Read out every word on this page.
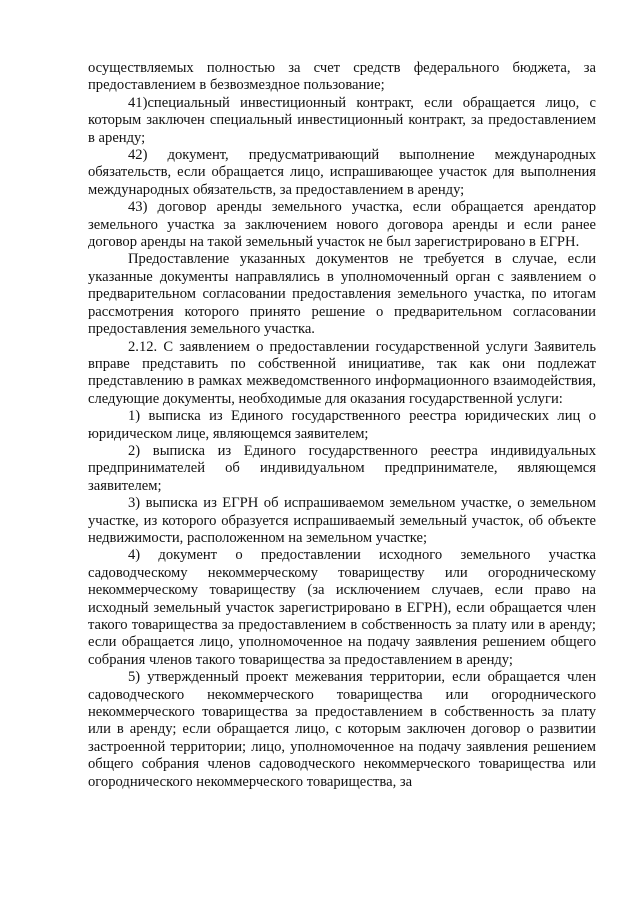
осуществляемых полностью за счет средств федерального бюджета, за предоставлением в безвозмездное пользование;

41)специальный инвестиционный контракт, если обращается лицо, с которым заключен специальный инвестиционный контракт, за предоставлением в аренду;

42) документ, предусматривающий выполнение международных обязательств, если обращается лицо, испрашивающее участок для выполнения международных обязательств, за предоставлением в аренду;

43) договор аренды земельного участка, если обращается арендатор земельного участка за заключением нового договора аренды и если ранее договор аренды на такой земельный участок не был зарегистрировано в ЕГРН.

Предоставление указанных документов не требуется в случае, если указанные документы направлялись в уполномоченный орган с заявлением о предварительном согласовании предоставления земельного участка, по итогам рассмотрения которого принято решение о предварительном согласовании предоставления земельного участка.

2.12. С заявлением о предоставлении государственной услуги Заявитель вправе представить по собственной инициативе, так как они подлежат представлению в рамках межведомственного информационного взаимодействия, следующие документы, необходимые для оказания государственной услуги:

1) выписка из Единого государственного реестра юридических лиц о юридическом лице, являющемся заявителем;

2) выписка из Единого государственного реестра индивидуальных предпринимателей об индивидуальном предпринимателе, являющемся заявителем;

3) выписка из ЕГРН об испрашиваемом земельном участке, о земельном участке, из которого образуется испрашиваемый земельный участок, об объекте недвижимости, расположенном на земельном участке;

4) документ о предоставлении исходного земельного участка садоводческому некоммерческому товариществу или огородническому некоммерческому товариществу (за исключением случаев, если право на исходный земельный участок зарегистрировано в ЕГРН), если обращается член такого товарищества за предоставлением в собственность за плату или в аренду; если обращается лицо, уполномоченное на подачу заявления решением общего собрания членов такого товарищества за предоставлением в аренду;

5) утвержденный проект межевания территории, если обращается член садоводческого некоммерческого товарищества или огороднического некоммерческого товарищества за предоставлением в собственность за плату или в аренду; если обращается лицо, с которым заключен договор о развитии застроенной территории; лицо, уполномоченное на подачу заявления решением общего собрания членов садоводческого некоммерческого товарищества или огороднического некоммерческого товарищества, за
